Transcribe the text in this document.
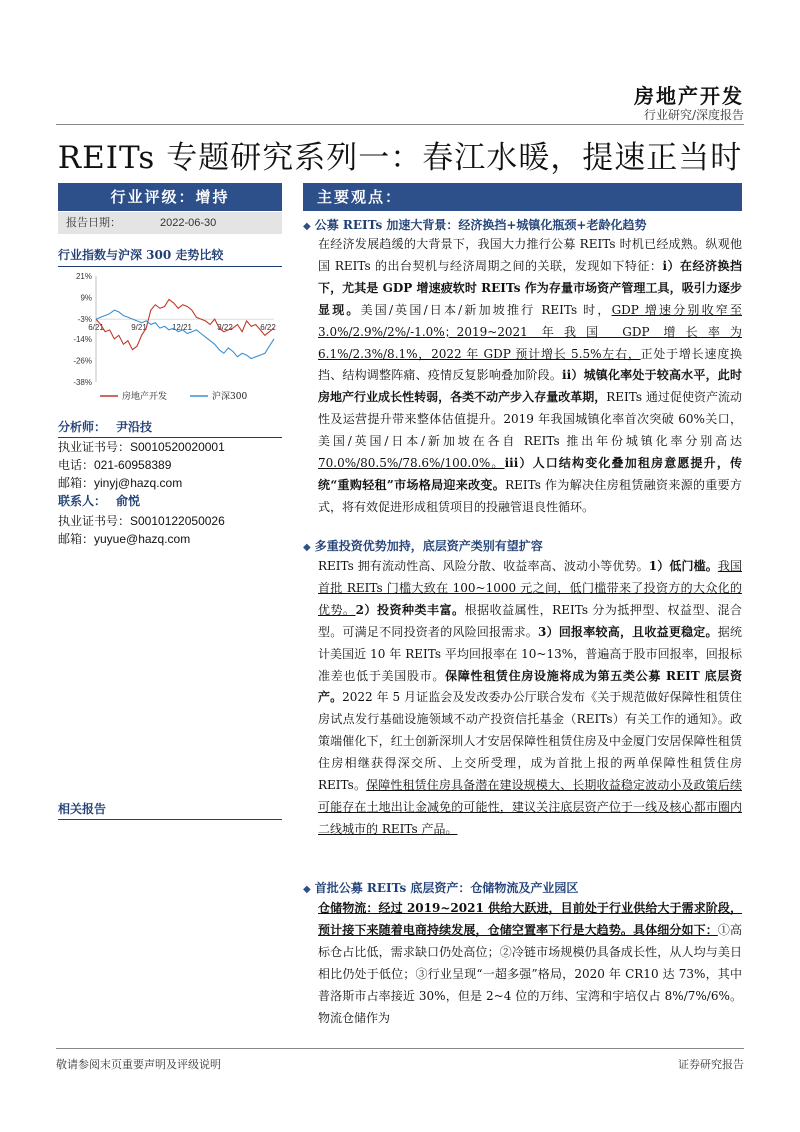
房地产开发
行业研究/深度报告
REITs 专题研究系列一：春江水暖，提速正当时
行业评级：增持
报告日期：	2022-06-30
行业指数与沪深 300 走势比较
21%
9%
-3%
-14%
-26%
-38%
6/21	9/21	12/21	3/22	6/22
房地产开发	沪深300
分析师： 尹沿技
执业证书号：S0010520020001
电话：021-60958389
邮箱：yinyj@hazq.com
联系人： 俞悦
执业证书号：S0010122050026
邮箱：yuyue@hazq.com
相关报告
主要观点：
◆ 公募 REITs 加速大背景：经济换挡+城镇化瓶颈+老龄化趋势
在经济发展趋缓的大背景下，我国大力推行公募 REITs 时机已经成熟。纵观他国 REITs 的出台契机与经济周期之间的关联，发现如下特征：i）在经济换挡下，尤其是 GDP 增速疲软时 REITs 作为存量市场资产管理工具，吸引力逐步显现。美国/英国/日本/新加坡推行 REITs 时，GDP 增速分别收窄至 3.0%/2.9%/2%/-1.0%；2019~2021 年我国 GDP 增长率为 6.1%/2.3%/8.1%，2022 年 GDP 预计增长 5.5%左右，正处于增长速度换挡、结构调整阵痛、疫情反复影响叠加阶段。ii）城镇化率处于较高水平，此时房地产行业成长性转弱，各类不动产步入存量改革期，REITs 通过促使资产流动性及运营提升带来整体估值提升。2019 年我国城镇化率首次突破 60%关口，美国/英国/日本/新加坡在各自 REITs 推出年份城镇化率分别高达 70.0%/80.5%/78.6%/100.0%。iii）人口结构变化叠加租房意愿提升，传统“重购轻租”市场格局迎来改变。REITs 作为解决住房租赁融资来源的重要方式，将有效促进形成租赁项目的投融管退良性循环。
◆ 多重投资优势加持，底层资产类别有望扩容
REITs 拥有流动性高、风险分散、收益率高、波动小等优势。1）低门槛。我国首批 REITs 门槛大致在 100~1000 元之间，低门槛带来了投资方的大众化的优势。2）投资种类丰富。根据收益属性，REITs 分为抵押型、权益型、混合型。可满足不同投资者的风险回报需求。3）回报率较高，且收益更稳定。据统计美国近 10 年 REITs 平均回报率在 10~13%，普遍高于股市回报率，回报标准差也低于美国股市。保障性租赁住房设施将成为第五类公募 REIT 底层资产。2022 年 5 月证监会及发改委办公厅联合发布《关于规范做好保障性租赁住房试点发行基础设施领域不动产投资信托基金（REITs）有关工作的通知》。政策端催化下，红土创新深圳人才安居保障性租赁住房及中金厦门安居保障性租赁住房相继获得深交所、上交所受理，成为首批上报的两单保障性租赁住房 REITs。保障性租赁住房具备潜在建设规模大、长期收益稳定波动小及政策后续可能存在土地出让金减免的可能性，建议关注底层资产位于一线及核心都市圈内二线城市的 REITs 产品。
◆ 首批公募 REITs 底层资产：仓储物流及产业园区
仓储物流：经过 2019~2021 供给大跃进，目前处于行业供给大于需求阶段，预计接下来随着电商持续发展，仓储空置率下行是大趋势。具体细分如下：①高标仓占比低，需求缺口仍处高位；②冷链市场规模仍具备成长性，从人均与美日相比仍处于低位；③行业呈现“一超多强”格局，2020 年 CR10 达 73%，其中普洛斯市占率接近 30%，但是 2~4 位的万纬、宝湾和宇培仅占 8%/7%/6%。物流仓储作为
敬请参阅末页重要声明及评级说明	证券研究报告
